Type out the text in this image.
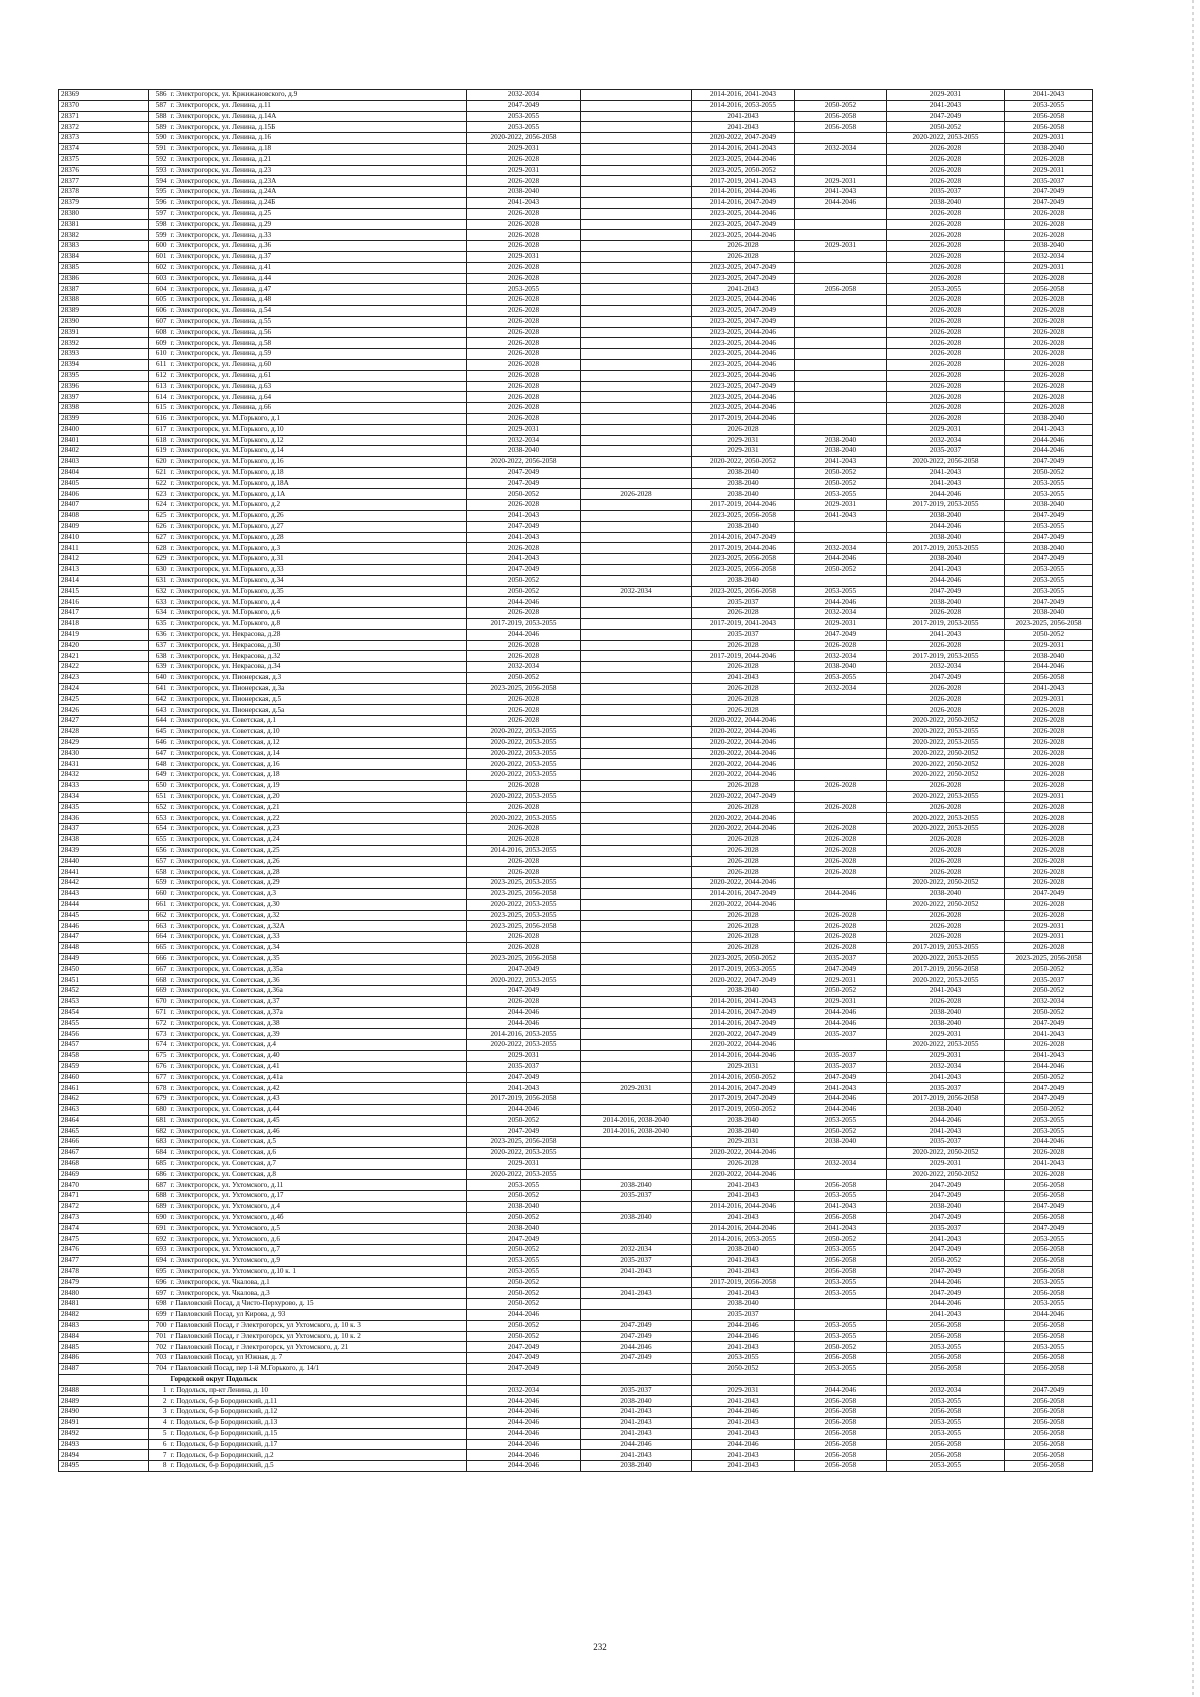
28369	586	г. Электрогорск, ул. Кржижановского, д.9	2032-2034		2014-2016, 2041-2043		2029-2031	2041-2043
28370	587	г. Электрогорск, ул. Ленина, д.11	2047-2049		2014-2016, 2053-2055	2050-2052	2041-2043	2053-2055
28371	588	г. Электрогорск, ул. Ленина, д.14А	2053-2055		2041-2043	2056-2058	2047-2049	2056-2058
28372	589	г. Электрогорск, ул. Ленина, д.15Б	2053-2055		2041-2043	2056-2058	2050-2052	2056-2058
28373	590	г. Электрогорск, ул. Ленина, д.16	2020-2022, 2056-2058		2020-2022, 2047-2049		2020-2022, 2053-2055	2029-2031
28374	591	г. Электрогорск, ул. Ленина, д.18	2029-2031		2014-2016, 2041-2043	2032-2034	2026-2028	2038-2040
28375	592	г. Электрогорск, ул. Ленина, д.21	2026-2028		2023-2025, 2044-2046		2026-2028	2026-2028
28376	593	г. Электрогорск, ул. Ленина, д.23	2029-2031		2023-2025, 2050-2052		2026-2028	2029-2031
28377	594	г. Электрогорск, ул. Ленина, д.23А	2026-2028		2017-2019, 2041-2043	2029-2031	2026-2028	2035-2037
28378	595	г. Электрогорск, ул. Ленина, д.24А	2038-2040		2014-2016, 2044-2046	2041-2043	2035-2037	2047-2049
28379	596	г. Электрогорск, ул. Ленина, д.24Б	2041-2043		2014-2016, 2047-2049	2044-2046	2038-2040	2047-2049
28380	597	г. Электрогорск, ул. Ленина, д.25	2026-2028		2023-2025, 2044-2046		2026-2028	2026-2028
28381	598	г. Электрогорск, ул. Ленина, д.29	2026-2028		2023-2025, 2047-2049		2026-2028	2026-2028
28382	599	г. Электрогорск, ул. Ленина, д.33	2026-2028		2023-2025, 2044-2046		2026-2028	2026-2028
28383	600	г. Электрогорск, ул. Ленина, д.36	2026-2028		2026-2028	2029-2031	2026-2028	2038-2040
28384	601	г. Электрогорск, ул. Ленина, д.37	2029-2031		2026-2028		2026-2028	2032-2034
28385	602	г. Электрогорск, ул. Ленина, д.41	2026-2028		2023-2025, 2047-2049		2026-2028	2029-2031
28386	603	г. Электрогорск, ул. Ленина, д.44	2026-2028		2023-2025, 2047-2049		2026-2028	2026-2028
28387	604	г. Электрогорск, ул. Ленина, д.47	2053-2055		2041-2043	2056-2058	2053-2055	2056-2058
28388	605	г. Электрогорск, ул. Ленина, д.48	2026-2028		2023-2025, 2044-2046		2026-2028	2026-2028
28389	606	г. Электрогорск, ул. Ленина, д.54	2026-2028		2023-2025, 2047-2049		2026-2028	2026-2028
28390	607	г. Электрогорск, ул. Ленина, д.55	2026-2028		2023-2025, 2047-2049		2026-2028	2026-2028
28391	608	г. Электрогорск, ул. Ленина, д.56	2026-2028		2023-2025, 2044-2046		2026-2028	2026-2028
28392	609	г. Электрогорск, ул. Ленина, д.58	2026-2028		2023-2025, 2044-2046		2026-2028	2026-2028
28393	610	г. Электрогорск, ул. Ленина, д.59	2026-2028		2023-2025, 2044-2046		2026-2028	2026-2028
28394	611	г. Электрогорск, ул. Ленина, д.60	2026-2028		2023-2025, 2044-2046		2026-2028	2026-2028
28395	612	г. Электрогорск, ул. Ленина, д.61	2026-2028		2023-2025, 2044-2046		2026-2028	2026-2028
28396	613	г. Электрогорск, ул. Ленина, д.63	2026-2028		2023-2025, 2047-2049		2026-2028	2026-2028
28397	614	г. Электрогорск, ул. Ленина, д.64	2026-2028		2023-2025, 2044-2046		2026-2028	2026-2028
28398	615	г. Электрогорск, ул. Ленина, д.66	2026-2028		2023-2025, 2044-2046		2026-2028	2026-2028
28399	616	г. Электрогорск, ул. М.Горького, д.1	2026-2028		2017-2019, 2044-2046		2026-2028	2038-2040
28400	617	г. Электрогорск, ул. М.Горького, д.10	2029-2031		2026-2028		2029-2031	2041-2043
28401	618	г. Электрогорск, ул. М.Горького, д.12	2032-2034		2029-2031	2038-2040	2032-2034	2044-2046
28402	619	г. Электрогорск, ул. М.Горького, д.14	2038-2040		2029-2031	2038-2040	2035-2037	2044-2046
28403	620	г. Электрогорск, ул. М.Горького, д.16	2020-2022, 2056-2058		2020-2022, 2050-2052	2041-2043	2020-2022, 2056-2058	2047-2049
28404	621	г. Электрогорск, ул. М.Горького, д.18	2047-2049		2038-2040	2050-2052	2041-2043	2050-2052
28405	622	г. Электрогорск, ул. М.Горького, д.18А	2047-2049		2038-2040	2050-2052	2041-2043	2053-2055
28406	623	г. Электрогорск, ул. М.Горького, д.1А	2050-2052	2026-2028	2038-2040	2053-2055	2044-2046	2053-2055
28407	624	г. Электрогорск, ул. М.Горького, д.2	2026-2028		2017-2019, 2044-2046	2029-2031	2017-2019, 2053-2055	2038-2040
28408	625	г. Электрогорск, ул. М.Горького, д.26	2041-2043		2023-2025, 2056-2058	2041-2043	2038-2040	2047-2049
28409	626	г. Электрогорск, ул. М.Горького, д.27	2047-2049		2038-2040		2044-2046	2053-2055
28410	627	г. Электрогорск, ул. М.Горького, д.28	2041-2043		2014-2016, 2047-2049		2038-2040	2047-2049
28411	628	г. Электрогорск, ул. М.Горького, д.3	2026-2028		2017-2019, 2044-2046	2032-2034	2017-2019, 2053-2055	2038-2040
28412	629	г. Электрогорск, ул. М.Горького, д.31	2041-2043		2023-2025, 2056-2058	2044-2046	2038-2040	2047-2049
28413	630	г. Электрогорск, ул. М.Горького, д.33	2047-2049		2023-2025, 2056-2058	2050-2052	2041-2043	2053-2055
28414	631	г. Электрогорск, ул. М.Горького, д.34	2050-2052		2038-2040		2044-2046	2053-2055
28415	632	г. Электрогорск, ул. М.Горького, д.35	2050-2052	2032-2034	2023-2025, 2056-2058	2053-2055	2047-2049	2053-2055
28416	633	г. Электрогорск, ул. М.Горького, д.4	2044-2046		2035-2037	2044-2046	2038-2040	2047-2049
28417	634	г. Электрогорск, ул. М.Горького, д.6	2026-2028		2026-2028	2032-2034	2026-2028	2038-2040
28418	635	г. Электрогорск, ул. М.Горького, д.8	2017-2019, 2053-2055		2017-2019, 2041-2043	2029-2031	2017-2019, 2053-2055	2023-2025, 2056-2058
28419	636	г. Электрогорск, ул. Некрасова, д.28	2044-2046		2035-2037	2047-2049	2041-2043	2050-2052
28420	637	г. Электрогорск, ул. Некрасова, д.30	2026-2028		2026-2028	2026-2028	2026-2028	2029-2031
28421	638	г. Электрогорск, ул. Некрасова, д.32	2026-2028		2017-2019, 2044-2046	2032-2034	2017-2019, 2053-2055	2038-2040
28422	639	г. Электрогорск, ул. Некрасова, д.34	2032-2034		2026-2028	2038-2040	2032-2034	2044-2046
28423	640	г. Электрогорск, ул. Пионерская, д.3	2050-2052		2041-2043	2053-2055	2047-2049	2056-2058
28424	641	г. Электрогорск, ул. Пионерская, д.3а	2023-2025, 2056-2058		2026-2028	2032-2034	2026-2028	2041-2043
28425	642	г. Электрогорск, ул. Пионерская, д.5	2026-2028		2026-2028		2026-2028	2029-2031
28426	643	г. Электрогорск, ул. Пионерская, д.5а	2026-2028		2026-2028		2026-2028	2026-2028
28427	644	г. Электрогорск, ул. Советская, д.1	2026-2028		2020-2022, 2044-2046		2020-2022, 2050-2052	2026-2028
28428	645	г. Электрогорск, ул. Советская, д.10	2020-2022, 2053-2055		2020-2022, 2044-2046		2020-2022, 2053-2055	2026-2028
28429	646	г. Электрогорск, ул. Советская, д.12	2020-2022, 2053-2055		2020-2022, 2044-2046		2020-2022, 2053-2055	2026-2028
28430	647	г. Электрогорск, ул. Советская, д.14	2020-2022, 2053-2055		2020-2022, 2044-2046		2020-2022, 2050-2052	2026-2028
28431	648	г. Электрогорск, ул. Советская, д.16	2020-2022, 2053-2055		2020-2022, 2044-2046		2020-2022, 2050-2052	2026-2028
28432	649	г. Электрогорск, ул. Советская, д.18	2020-2022, 2053-2055		2020-2022, 2044-2046		2020-2022, 2050-2052	2026-2028
28433	650	г. Электрогорск, ул. Советская, д.19	2026-2028		2026-2028	2026-2028	2026-2028	2026-2028
28434	651	г. Электрогорск, ул. Советская, д.20	2020-2022, 2053-2055		2020-2022, 2047-2049		2020-2022, 2053-2055	2029-2031
28435	652	г. Электрогорск, ул. Советская, д.21	2026-2028		2026-2028	2026-2028	2026-2028	2026-2028
28436	653	г. Электрогорск, ул. Советская, д.22	2020-2022, 2053-2055		2020-2022, 2044-2046		2020-2022, 2053-2055	2026-2028
28437	654	г. Электрогорск, ул. Советская, д.23	2026-2028		2020-2022, 2044-2046	2026-2028	2020-2022, 2053-2055	2026-2028
28438	655	г. Электрогорск, ул. Советская, д.24	2026-2028		2026-2028	2026-2028	2026-2028	2026-2028
28439	656	г. Электрогорск, ул. Советская, д.25	2014-2016, 2053-2055		2026-2028	2026-2028	2026-2028	2026-2028
28440	657	г. Электрогорск, ул. Советская, д.26	2026-2028		2026-2028	2026-2028	2026-2028	2026-2028
28441	658	г. Электрогорск, ул. Советская, д.28	2026-2028		2026-2028	2026-2028	2026-2028	2026-2028
28442	659	г. Электрогорск, ул. Советская, д.29	2023-2025, 2053-2055		2020-2022, 2044-2046		2020-2022, 2050-2052	2026-2028
28443	660	г. Электрогорск, ул. Советская, д.3	2023-2025, 2056-2058		2014-2016, 2047-2049	2044-2046	2038-2040	2047-2049
28444	661	г. Электрогорск, ул. Советская, д.30	2020-2022, 2053-2055		2020-2022, 2044-2046		2020-2022, 2050-2052	2026-2028
28445	662	г. Электрогорск, ул. Советская, д.32	2023-2025, 2053-2055		2026-2028	2026-2028	2026-2028	2026-2028
28446	663	г. Электрогорск, ул. Советская, д.32А	2023-2025, 2056-2058		2026-2028	2026-2028	2026-2028	2029-2031
28447	664	г. Электрогорск, ул. Советская, д.33	2026-2028		2026-2028	2026-2028	2026-2028	2029-2031
28448	665	г. Электрогорск, ул. Советская, д.34	2026-2028		2026-2028	2026-2028	2017-2019, 2053-2055	2026-2028
28449	666	г. Электрогорск, ул. Советская, д.35	2023-2025, 2056-2058		2023-2025, 2050-2052	2035-2037	2020-2022, 2053-2055	2023-2025, 2056-2058
28450	667	г. Электрогорск, ул. Советская, д.35а	2047-2049		2017-2019, 2053-2055	2047-2049	2017-2019, 2056-2058	2050-2052
28451	668	г. Электрогорск, ул. Советская, д.36	2020-2022, 2053-2055		2020-2022, 2047-2049	2029-2031	2020-2022, 2053-2055	2035-2037
28452	669	г. Электрогорск, ул. Советская, д.36а	2047-2049		2038-2040	2050-2052	2041-2043	2050-2052
28453	670	г. Электрогорск, ул. Советская, д.37	2026-2028		2014-2016, 2041-2043	2029-2031	2026-2028	2032-2034
28454	671	г. Электрогорск, ул. Советская, д.37а	2044-2046		2014-2016, 2047-2049	2044-2046	2038-2040	2050-2052
28455	672	г. Электрогорск, ул. Советская, д.38	2044-2046		2014-2016, 2047-2049	2044-2046	2038-2040	2047-2049
28456	673	г. Электрогорск, ул. Советская, д.39	2014-2016, 2053-2055		2020-2022, 2047-2049	2035-2037	2029-2031	2041-2043
28457	674	г. Электрогорск, ул. Советская, д.4	2020-2022, 2053-2055		2020-2022, 2044-2046		2020-2022, 2053-2055	2026-2028
28458	675	г. Электрогорск, ул. Советская, д.40	2029-2031		2014-2016, 2044-2046	2035-2037	2029-2031	2041-2043
28459	676	г. Электрогорск, ул. Советская, д.41	2035-2037		2029-2031	2035-2037	2032-2034	2044-2046
28460	677	г. Электрогорск, ул. Советская, д.41а	2047-2049		2014-2016, 2050-2052	2047-2049	2041-2043	2050-2052
28461	678	г. Электрогорск, ул. Советская, д.42	2041-2043	2029-2031	2014-2016, 2047-2049	2041-2043	2035-2037	2047-2049
28462	679	г. Электрогорск, ул. Советская, д.43	2017-2019, 2056-2058		2017-2019, 2047-2049	2044-2046	2017-2019, 2056-2058	2047-2049
28463	680	г. Электрогорск, ул. Советская, д.44	2044-2046		2017-2019, 2050-2052	2044-2046	2038-2040	2050-2052
28464	681	г. Электрогорск, ул. Советская, д.45	2050-2052	2014-2016, 2038-2040	2038-2040	2053-2055	2044-2046	2053-2055
28465	682	г. Электрогорск, ул. Советская, д.46	2047-2049	2014-2016, 2038-2040	2038-2040	2050-2052	2041-2043	2053-2055
28466	683	г. Электрогорск, ул. Советская, д.5	2023-2025, 2056-2058		2029-2031	2038-2040	2035-2037	2044-2046
28467	684	г. Электрогорск, ул. Советская, д.6	2020-2022, 2053-2055		2020-2022, 2044-2046		2020-2022, 2050-2052	2026-2028
28468	685	г. Электрогорск, ул. Советская, д.7	2029-2031		2026-2028	2032-2034	2029-2031	2041-2043
28469	686	г. Электрогорск, ул. Советская, д.8	2020-2022, 2053-2055		2020-2022, 2044-2046		2020-2022, 2050-2052	2026-2028
28470	687	г. Электрогорск, ул. Ухтомского, д.11	2053-2055	2038-2040	2041-2043	2056-2058	2047-2049	2056-2058
28471	688	г. Электрогорск, ул. Ухтомского, д.17	2050-2052	2035-2037	2041-2043	2053-2055	2047-2049	2056-2058
28472	689	г. Электрогорск, ул. Ухтомского, д.4	2038-2040		2014-2016, 2044-2046	2041-2043	2038-2040	2047-2049
28473	690	г. Электрогорск, ул. Ухтомского, д.4б	2050-2052	2038-2040	2041-2043	2056-2058	2047-2049	2056-2058
28474	691	г. Электрогорск, ул. Ухтомского, д.5	2038-2040		2014-2016, 2044-2046	2041-2043	2035-2037	2047-2049
28475	692	г. Электрогорск, ул. Ухтомского, д.6	2047-2049		2014-2016, 2053-2055	2050-2052	2041-2043	2053-2055
28476	693	г. Электрогорск, ул. Ухтомского, д.7	2050-2052	2032-2034	2038-2040	2053-2055	2047-2049	2056-2058
28477	694	г. Электрогорск, ул. Ухтомского, д.9	2053-2055	2035-2037	2041-2043	2056-2058	2050-2052	2056-2058
28478	695	г. Электрогорск, ул. Ухтомского, д.10 к. 1	2053-2055	2041-2043	2041-2043	2056-2058	2047-2049	2056-2058
28479	696	г. Электрогорск, ул. Чкалова, д.1	2050-2052		2017-2019, 2056-2058	2053-2055	2044-2046	2053-2055
28480	697	г. Электрогорск, ул. Чкалова, д.3	2050-2052	2041-2043	2041-2043	2053-2055	2047-2049	2056-2058
28481	698	г Павловский Посад, д Чисто-Перхурово, д. 15	2050-2052		2038-2040		2044-2046	2053-2055
28482	699	г Павловский Посад, ул Кирова, д. 93	2044-2046		2035-2037		2041-2043	2044-2046
28483	700	г Павловский Посад, г Электрогорск, ул Ухтомского, д. 10 к. 3	2050-2052	2047-2049	2044-2046	2053-2055	2056-2058	2056-2058
28484	701	г Павловский Посад, г Электрогорск, ул Ухтомского, д. 10 к. 2	2050-2052	2047-2049	2044-2046	2053-2055	2056-2058	2056-2058
28485	702	г Павловский Посад, г Электрогорск, ул Ухтомского, д. 21	2047-2049	2044-2046	2041-2043	2050-2052	2053-2055	2053-2055
28486	703	г Павловский Посад, ул Южная, д. 7	2047-2049	2047-2049	2053-2055	2056-2058	2056-2058	2056-2058
28487	704	г Павловский Посад, пер 1-й М.Горького, д. 14/1	2047-2049		2050-2052	2053-2055	2056-2058	2056-2058
		Городской округ Подольск						
28488	1	г. Подольск, пр-кт Ленина, д. 10	2032-2034	2035-2037	2029-2031	2044-2046	2032-2034	2047-2049
28489	2	г. Подольск, б-р Бородинский, д.11	2044-2046	2038-2040	2041-2043	2056-2058	2053-2055	2056-2058
28490	3	г. Подольск, б-р Бородинский, д.12	2044-2046	2041-2043	2044-2046	2056-2058	2056-2058	2056-2058
28491	4	г. Подольск, б-р Бородинский, д.13	2044-2046	2041-2043	2041-2043	2056-2058	2053-2055	2056-2058
28492	5	г. Подольск, б-р Бородинский, д.15	2044-2046	2041-2043	2041-2043	2056-2058	2053-2055	2056-2058
28493	6	г. Подольск, б-р Бородинский, д.17	2044-2046	2044-2046	2044-2046	2056-2058	2056-2058	2056-2058
28494	7	г. Подольск, б-р Бородинский, д.2	2044-2046	2041-2043	2041-2043	2056-2058	2056-2058	2056-2058
28495	8	г. Подольск, б-р Бородинский, д.5	2044-2046	2038-2040	2041-2043	2056-2058	2053-2055	2056-2058
232
